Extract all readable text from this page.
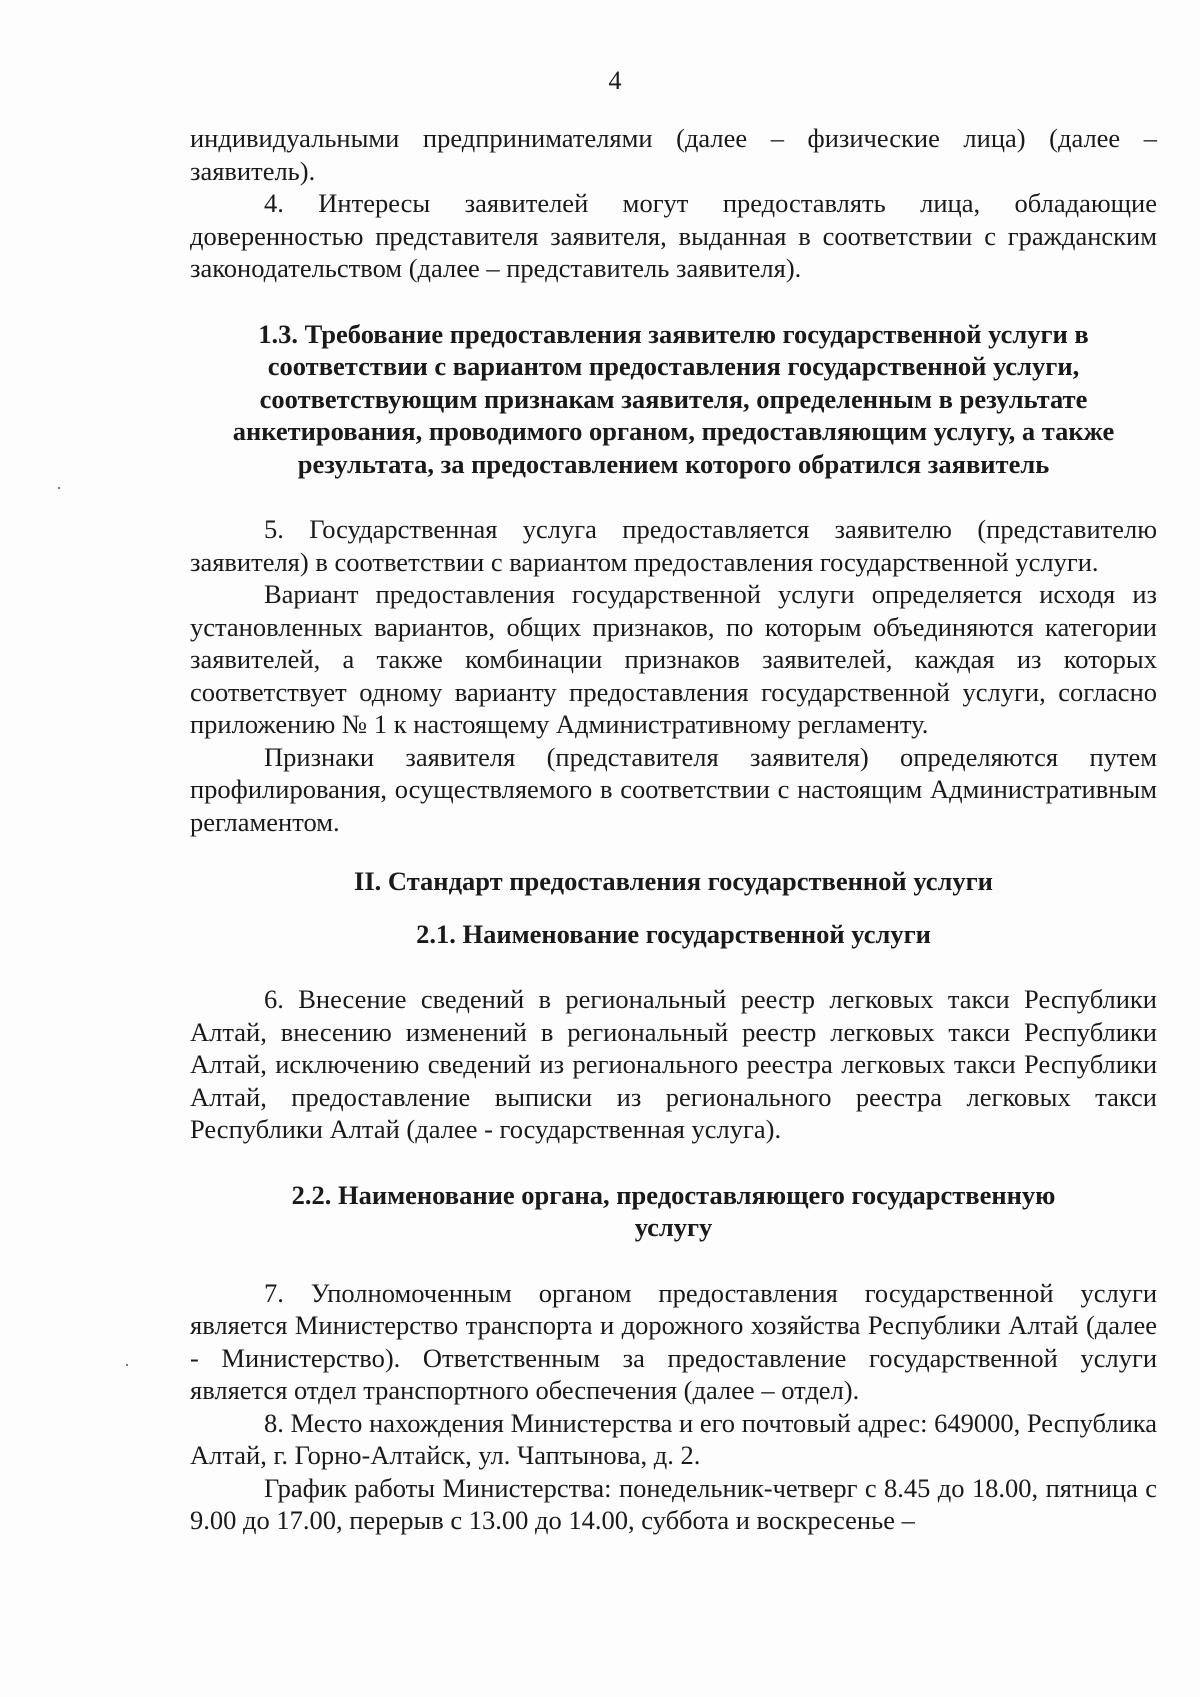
4

индивидуальными предпринимателями (далее – физические лица) (далее – заявитель).

4. Интересы заявителей могут предоставлять лица, обладающие доверенностью представителя заявителя, выданная в соответствии с гражданским законодательством (далее – представитель заявителя).

1.3. Требование предоставления заявителю государственной услуги в соответствии с вариантом предоставления государственной услуги, соответствующим признакам заявителя, определенным в результате анкетирования, проводимого органом, предоставляющим услугу, а также результата, за предоставлением которого обратился заявитель

5. Государственная услуга предоставляется заявителю (представителю заявителя) в соответствии с вариантом предоставления государственной услуги.

Вариант предоставления государственной услуги определяется исходя из установленных вариантов, общих признаков, по которым объединяются категории заявителей, а также комбинации признаков заявителей, каждая из которых соответствует одному варианту предоставления государственной услуги, согласно приложению № 1 к настоящему Административному регламенту.

Признаки заявителя (представителя заявителя) определяются путем профилирования, осуществляемого в соответствии с настоящим Административным регламентом.

II. Стандарт предоставления государственной услуги

2.1. Наименование государственной услуги

6. Внесение сведений в региональный реестр легковых такси Республики Алтай, внесению изменений в региональный реестр легковых такси Республики Алтай, исключению сведений из регионального реестра легковых такси Республики Алтай, предоставление выписки из регионального реестра легковых такси Республики Алтай (далее - государственная услуга).

2.2. Наименование органа, предоставляющего государственную услугу

7. Уполномоченным органом предоставления государственной услуги является Министерство транспорта и дорожного хозяйства Республики Алтай (далее - Министерство). Ответственным за предоставление государственной услуги является отдел транспортного обеспечения (далее – отдел).

8. Место нахождения Министерства и его почтовый адрес: 649000, Республика Алтай, г. Горно-Алтайск, ул. Чаптынова, д. 2.

График работы Министерства: понедельник-четверг с 8.45 до 18.00, пятница с 9.00 до 17.00, перерыв с 13.00 до 14.00, суббота и воскресенье –
